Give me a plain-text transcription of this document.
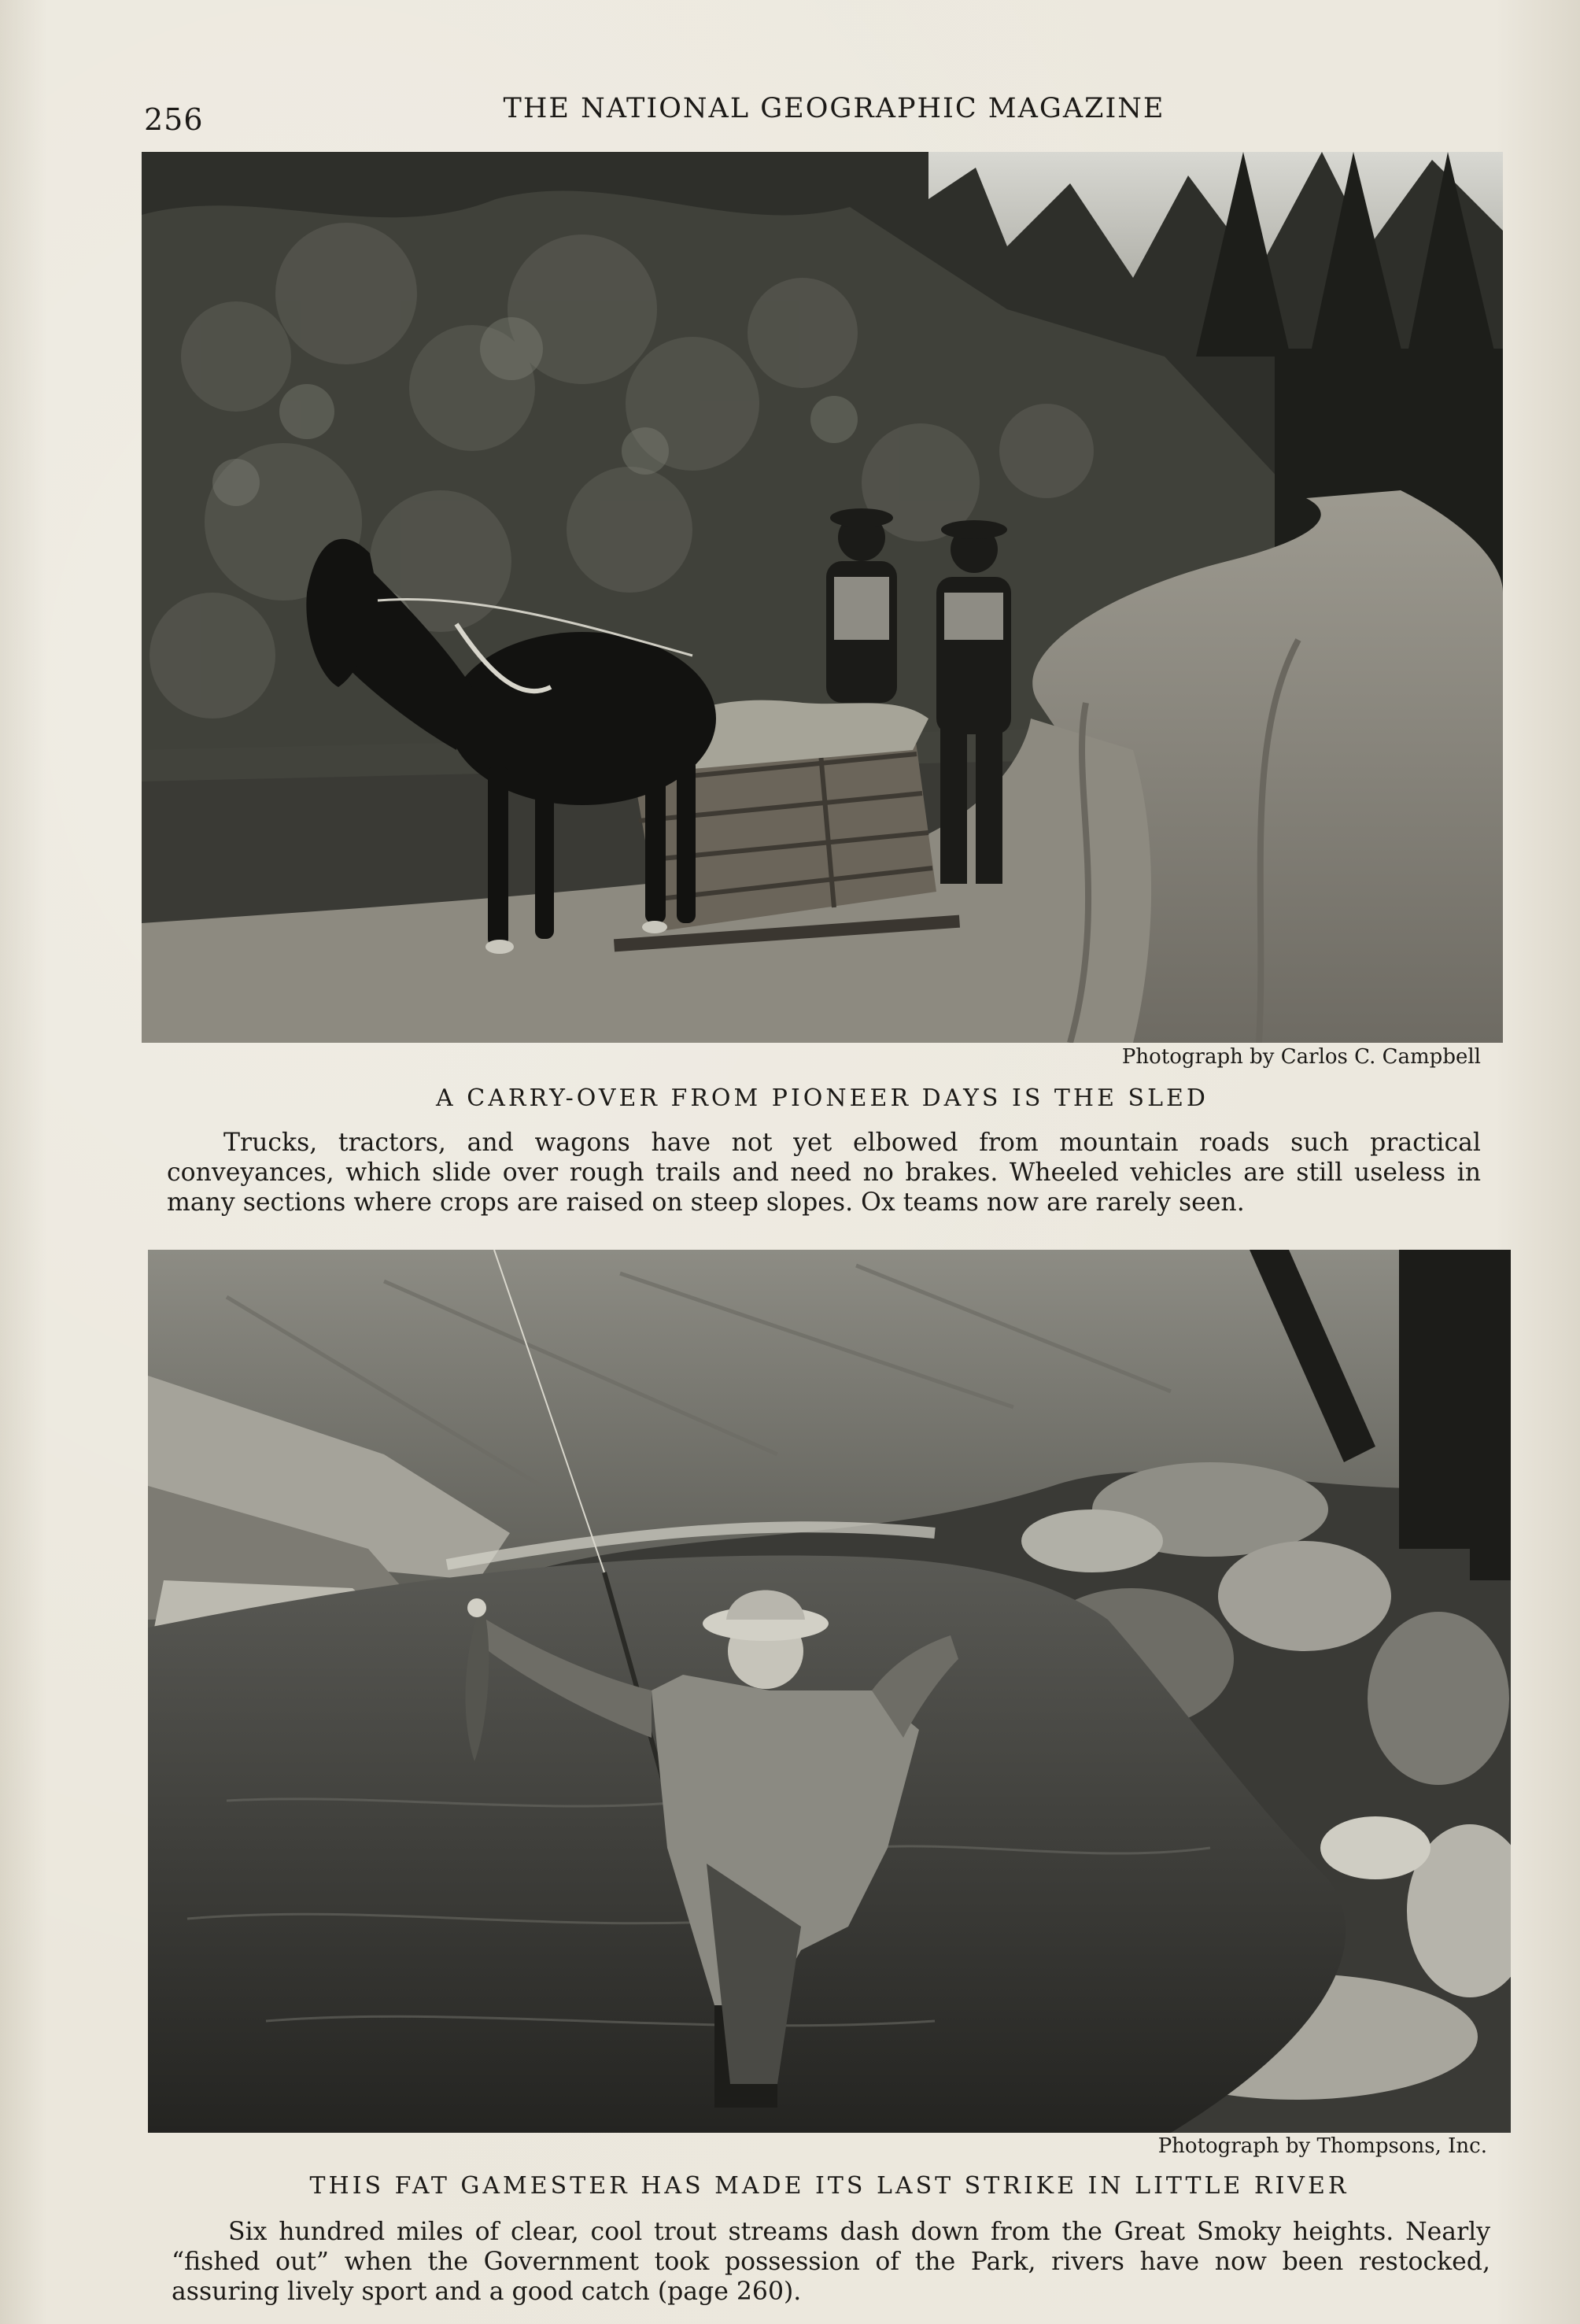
256	THE NATIONAL GEOGRAPHIC MAGAZINE
Photograph by Carlos C. Campbell
A CARRY-OVER FROM PIONEER DAYS IS THE SLED
Trucks, tractors, and wagons have not yet elbowed from mountain roads such practical conveyances, which slide over rough trails and need no brakes. Wheeled vehicles are still useless in many sections where crops are raised on steep slopes. Ox teams now are rarely seen.
Photograph by Thompsons, Inc.
THIS FAT GAMESTER HAS MADE ITS LAST STRIKE IN LITTLE RIVER
Six hundred miles of clear, cool trout streams dash down from the Great Smoky heights. Nearly “fished out” when the Government took possession of the Park, rivers have now been restocked, assuring lively sport and a good catch (page 260).
